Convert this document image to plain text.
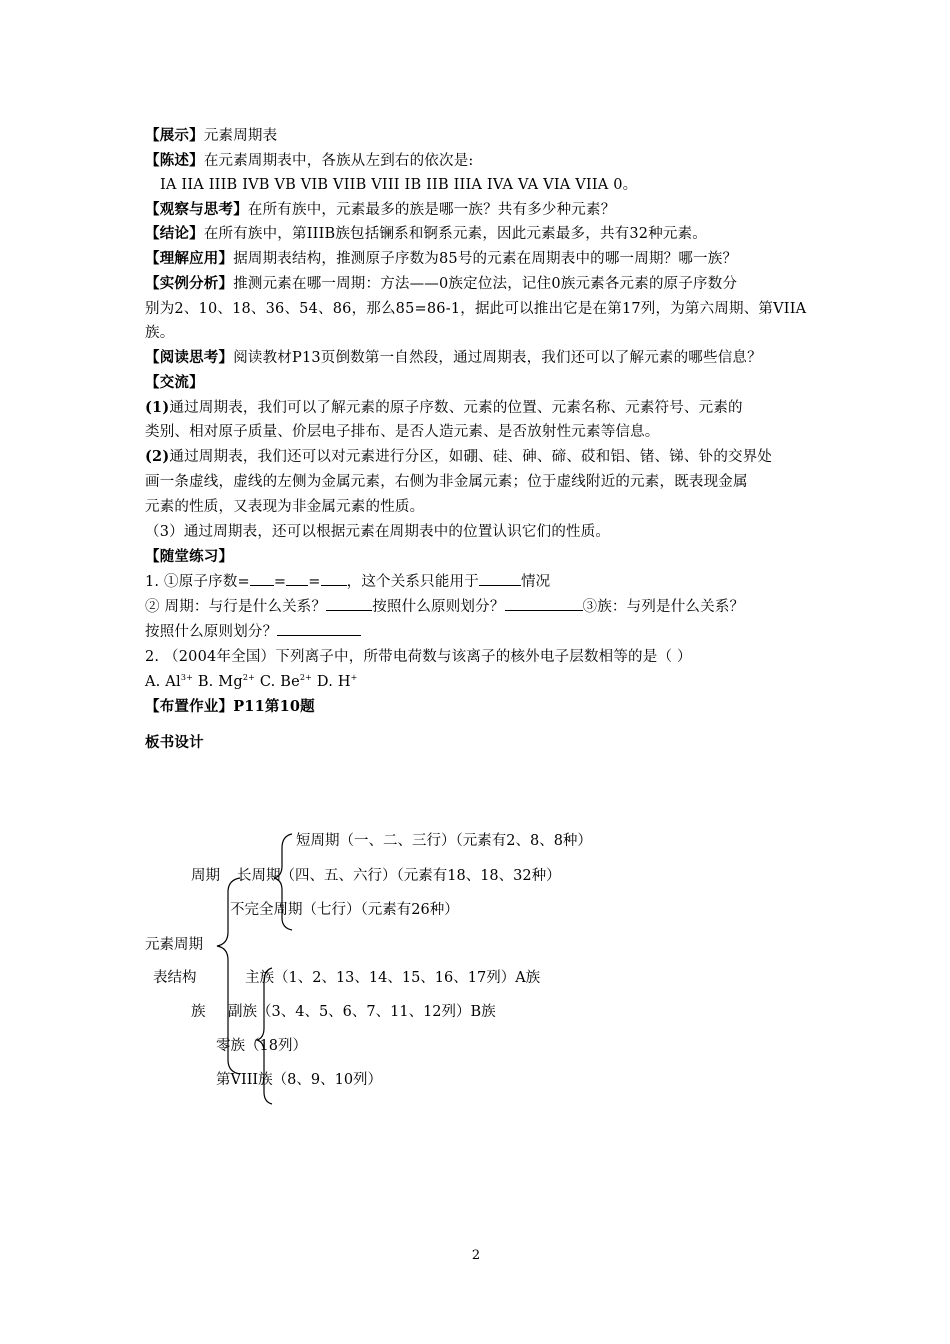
【展示】元素周期表
【陈述】在元素周期表中，各族从左到右的依次是:
IA IIA IIIB IVB VB VIB VIIB VIII IB IIB IIIA IVA VA VIA VIIA 0。
【观察与思考】在所有族中，元素最多的族是哪一族？共有多少种元素？
【结论】在所有族中，第IIIB族包括镧系和锕系元素，因此元素最多，共有32种元素。
【理解应用】据周期表结构，推测原子序数为85号的元素在周期表中的哪一周期？哪一族？
【实例分析】推测元素在哪一周期：方法——0族定位法，记住0族元素各元素的原子序数分
别为2、10、18、36、54、86，那么85=86-1，据此可以推出它是在第17列，为第六周期、第VIIA
族。
【阅读思考】阅读教材P13页倒数第一自然段，通过周期表，我们还可以了解元素的哪些信息？
【交流】
(1)通过周期表，我们可以了解元素的原子序数、元素的位置、元素名称、元素符号、元素的
类别、相对原子质量、价层电子排布、是否人造元素、是否放射性元素等信息。
(2)通过周期表，我们还可以对元素进行分区，如硼、硅、砷、碲、砹和铝、锗、锑、钋的交界处
画一条虚线，虚线的左侧为金属元素，右侧为非金属元素；位于虚线附近的元素，既表现金属
元素的性质，又表现为非金属元素的性质。
（3）通过周期表，还可以根据元素在周期表中的位置认识它们的性质。
【随堂练习】
1. ①原子序数= = = ，这个关系只能用于	情况
② 周期：与行是什么关系？	按照什么原则划分？	③族：与列是什么关系？
按照什么原则划分？
2. （2004年全国）下列离子中，所带电荷数与该离子的核外电子层数相等的是（ ）
A. $Al^{3+}$ B. $Mg^{2+}$ C. $Be^{2+}$ D. H+
【布置作业】P11第10题
板书设计
短周期（一、二、三行）（元素有2、8、8种）
周期 长周期（四、五、六行）（元素有18、18、32种）
不完全周期（七行）（元素有26种）
元素周期
表结构	主族（1、2、13、14、15、16、17列）A族
族 副族（3、4、5、6、7、11、12列）B族
零族（18列）
第VIII族（8、9、10列）
2
